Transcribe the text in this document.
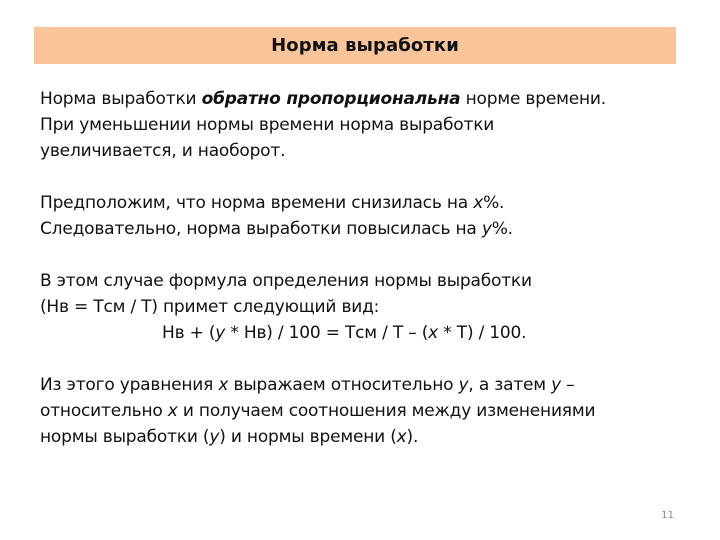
Норма выработки
Норма выработки обратно пропорциональна норме времени.
При уменьшении нормы времени норма выработки
увеличивается, и наоборот.
Предположим, что норма времени снизилась на x%.
Следовательно, норма выработки повысилась на y%.
В этом случае формула определения нормы выработки
(Нв = Тсм / Т) примет следующий вид:
Нв + (y * Нв) / 100 = Тсм / Т – (x * Т) / 100.
Из этого уравнения x выражаем относительно y, а затем y –
относительно x и получаем соотношения между изменениями
нормы выработки (y) и нормы времени (x).
11
